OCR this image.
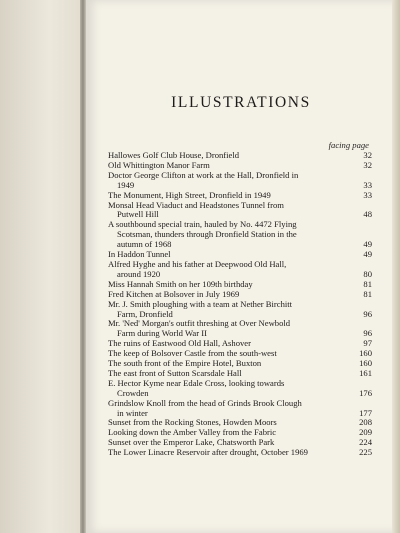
ILLUSTRATIONS
facing page
Hallowes Golf Club House, Dronfield	32
Old Whittington Manor Farm	32
Doctor George Clifton at work at the Hall, Dronfield in
1949	33
The Monument, High Street, Dronfield in 1949	33
Monsal Head Viaduct and Headstones Tunnel from
Putwell Hill	48
A southbound special train, hauled by No. 4472 Flying
Scotsman, thunders through Dronfield Station in the
autumn of 1968	49
In Haddon Tunnel	49
Alfred Hyghe and his father at Deepwood Old Hall,
around 1920	80
Miss Hannah Smith on her 109th birthday	81
Fred Kitchen at Bolsover in July 1969	81
Mr. J. Smith ploughing with a team at Nether Birchitt
Farm, Dronfield	96
Mr. 'Ned' Morgan's outfit threshing at Over Newbold
Farm during World War II	96
The ruins of Eastwood Old Hall, Ashover	97
The keep of Bolsover Castle from the south-west	160
The south front of the Empire Hotel, Buxton	160
The east front of Sutton Scarsdale Hall	161
E. Hector Kyme near Edale Cross, looking towards
Crowden	176
Grindslow Knoll from the head of Grinds Brook Clough
in winter	177
Sunset from the Rocking Stones, Howden Moors	208
Looking down the Amber Valley from the Fabric	209
Sunset over the Emperor Lake, Chatsworth Park	224
The Lower Linacre Reservoir after drought, October 1969	225
